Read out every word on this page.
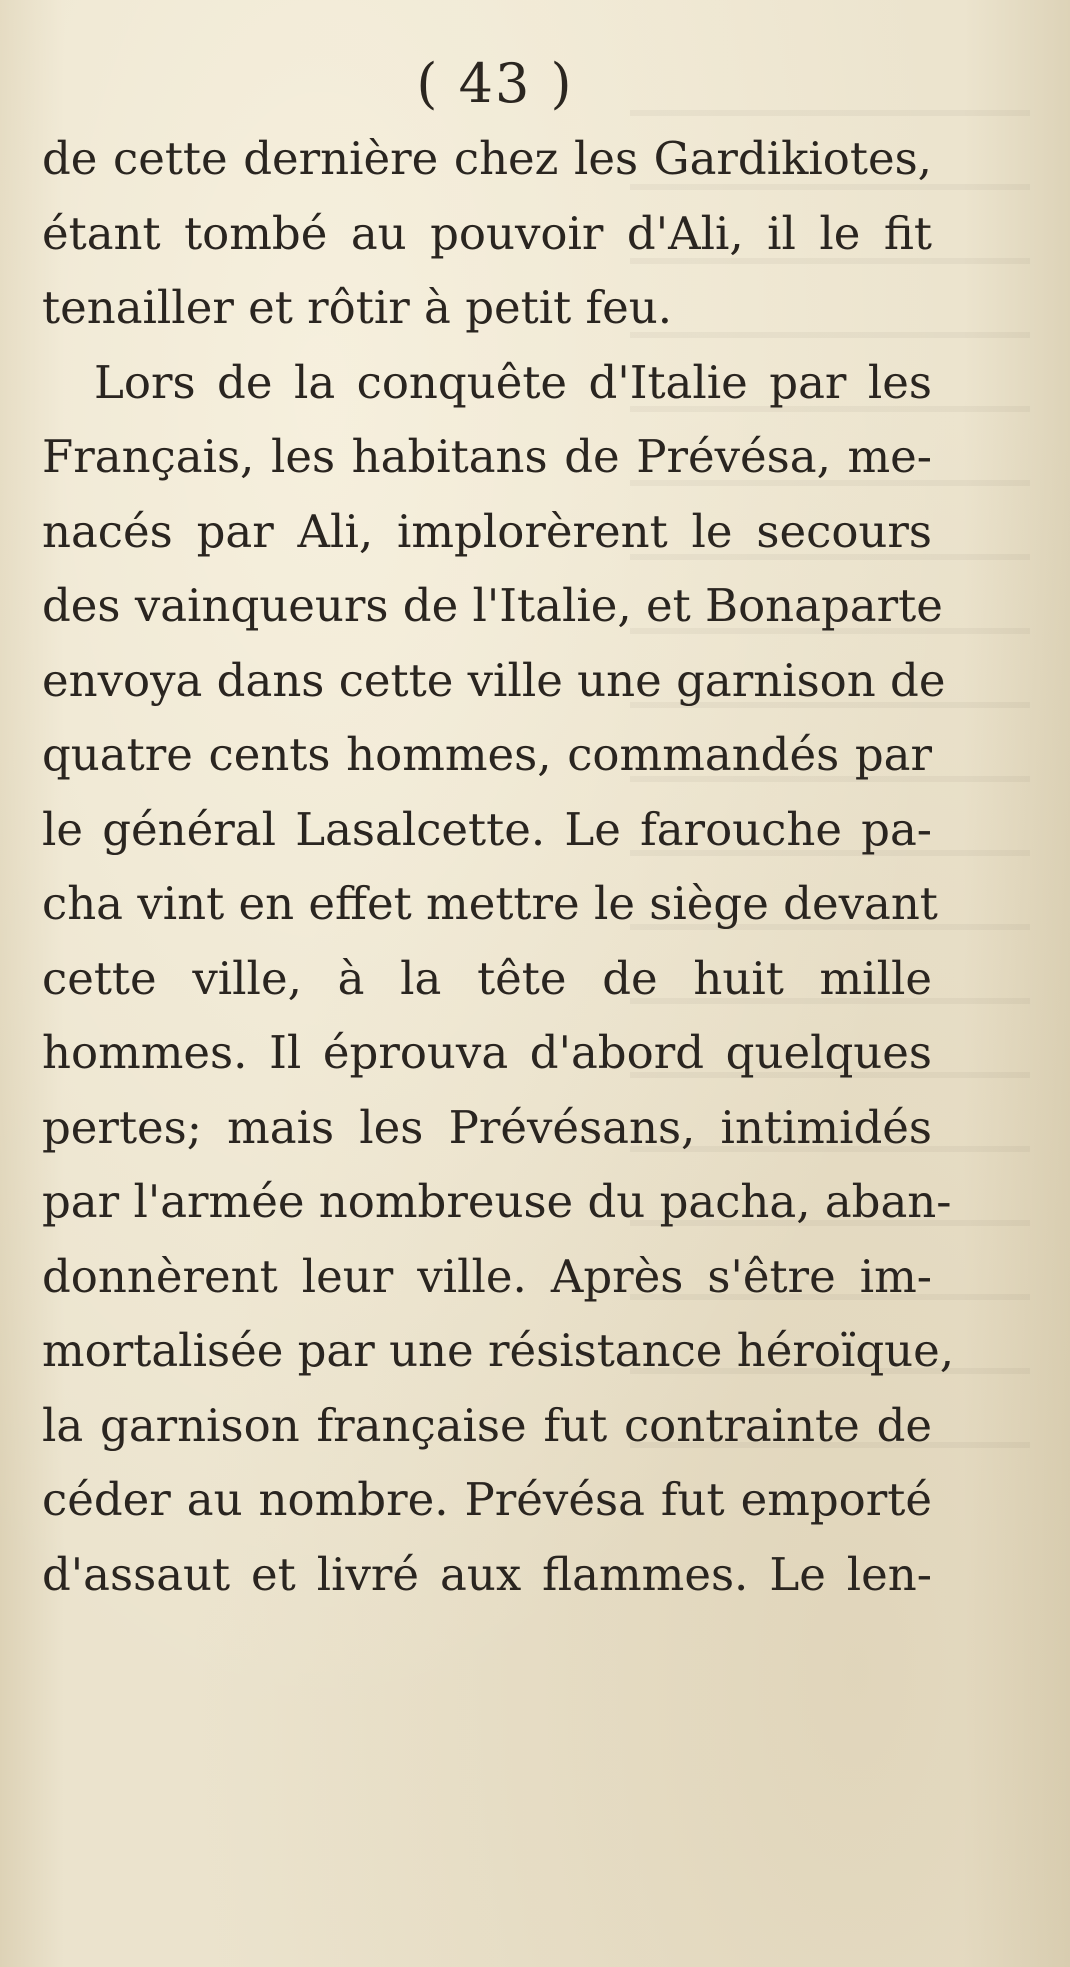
( 43 )
de cette dernière chez les Gardikiotes,
étant tombé au pouvoir d'Ali, il le fit
tenailler et rôtir à petit feu.
Lors de la conquête d'Italie par les
Français, les habitans de Prévésa, me-
nacés par Ali, implorèrent le secours
des vainqueurs de l'Italie, et Bonaparte
envoya dans cette ville une garnison de
quatre cents hommes, commandés par
le général Lasalcette. Le farouche pa-
cha vint en effet mettre le siège devant
cette ville, à la tête de huit mille
hommes. Il éprouva d'abord quelques
pertes; mais les Prévésans, intimidés
par l'armée nombreuse du pacha, aban-
donnèrent leur ville. Après s'être im-
mortalisée par une résistance héroïque,
la garnison française fut contrainte de
céder au nombre. Prévésa fut emporté
d'assaut et livré aux flammes. Le len-
